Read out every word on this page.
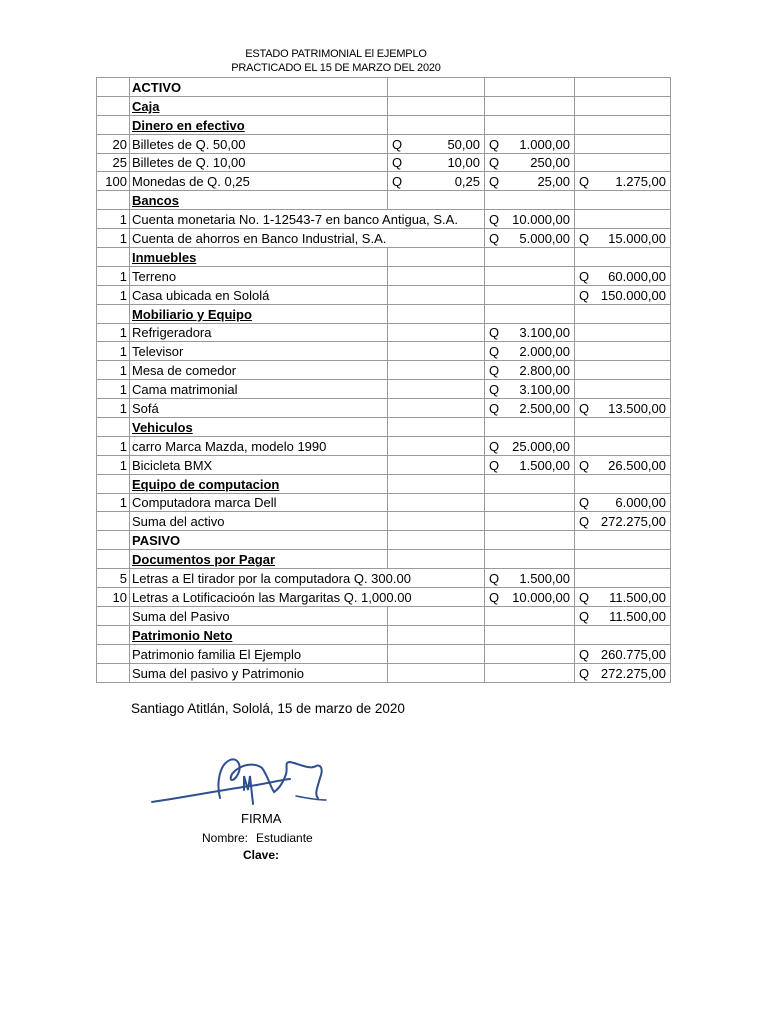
ESTADO PATRIMONIAL El EJEMPLO
PRACTICADO EL 15 DE MARZO DEL 2020
	ACTIVO			
	Caja			
	Dinero en efectivo			
20	Billetes de Q. 50,00	Q 50,00	Q 1.000,00	

25	Billetes de Q. 10,00	Q 10,00	Q 250,00	

100	Monedas de Q. 0,25	Q 0,25	Q 25,00	Q 1.275,00

	Bancos			
1	Cuenta monetaria No. 1-12543-7 en banco Antigua, S.A.		Q 10.000,00	

1	Cuenta de ahorros en Banco Industrial, S.A.		Q 5.000,00	Q 15.000,00

	Inmuebles			
1	Terreno			Q 60.000,00

1	Casa ubicada en Sololá			Q 150.000,00

	Mobiliario y Equipo			
1	Refrigeradora		Q 3.100,00	

1	Televisor		Q 2.000,00	

1	Mesa de comedor		Q 2.800,00	

1	Cama matrimonial		Q 3.100,00	

1	Sofá		Q 2.500,00	Q 13.500,00

	Vehiculos			
1	carro Marca Mazda, modelo 1990		Q 25.000,00	

1	Bicicleta BMX		Q 1.500,00	Q 26.500,00

	Equipo de computacion			
1	Computadora marca Dell			Q 6.000,00

	Suma del activo			Q 272.275,00

	PASIVO			
	Documentos por Pagar			
5	Letras a El tirador por la computadora Q. 300.00		Q 1.500,00	

10	Letras a Lotificacioón las Margaritas Q. 1,000.00		Q 10.000,00	Q 11.500,00

	Suma del Pasivo			Q 11.500,00

	Patrimonio Neto			
	Patrimonio familia El Ejemplo			Q 260.775,00

	Suma del pasivo y Patrimonio			Q 272.275,00
Santiago Atitlán, Sololá, 15 de marzo de 2020
FIRMA
Nombre: Estudiante
Clave:
